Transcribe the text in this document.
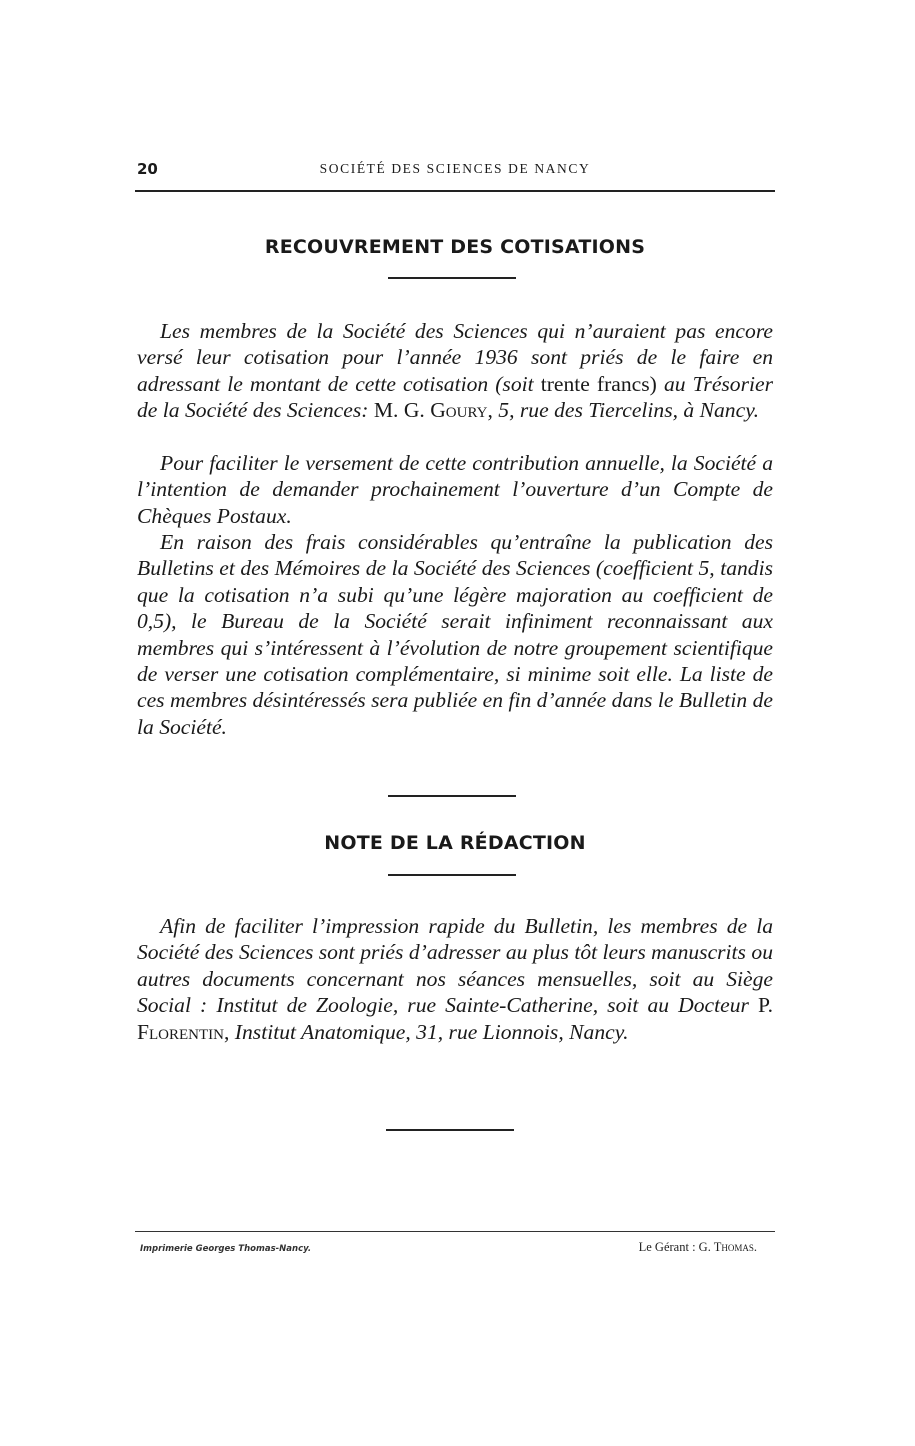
20	SOCIÉTÉ DES SCIENCES DE NANCY
RECOUVREMENT DES COTISATIONS

Les membres de la Société des Sciences qui n’auraient pas encore versé leur cotisation pour l’année 1936 sont priés de le faire en adressant le montant de cette cotisation (soit trente francs) au Trésorier de la Société des Sciences: M. G. Goury, 5, rue des Tiercelins, à Nancy.

Pour faciliter le versement de cette contribution annuelle, la Société a l’intention de demander prochainement l’ouverture d’un Compte de Chèques Postaux.

En raison des frais considérables qu’entraîne la publication des Bulletins et des Mémoires de la Société des Sciences (coefficient 5, tandis que la cotisation n’a subi qu’une légère majoration au coefficient de 0,5), le Bureau de la Société serait infiniment reconnaissant aux membres qui s’intéressent à l’évolution de notre groupement scientifique de verser une cotisation complémentaire, si minime soit elle. La liste de ces membres désintéressés sera publiée en fin d’année dans le Bulletin de la Société.

NOTE DE LA RÉDACTION

Afin de faciliter l’impression rapide du Bulletin, les membres de la Société des Sciences sont priés d’adresser au plus tôt leurs manuscrits ou autres documents concernant nos séances mensuelles, soit au Siège Social : Institut de Zoologie, rue Sainte-Catherine, soit au Docteur P. Florentin, Institut Anatomique, 31, rue Lionnois, Nancy.

Imprimerie Georges Thomas-Nancy.	Le Gérant : G. Thomas.
